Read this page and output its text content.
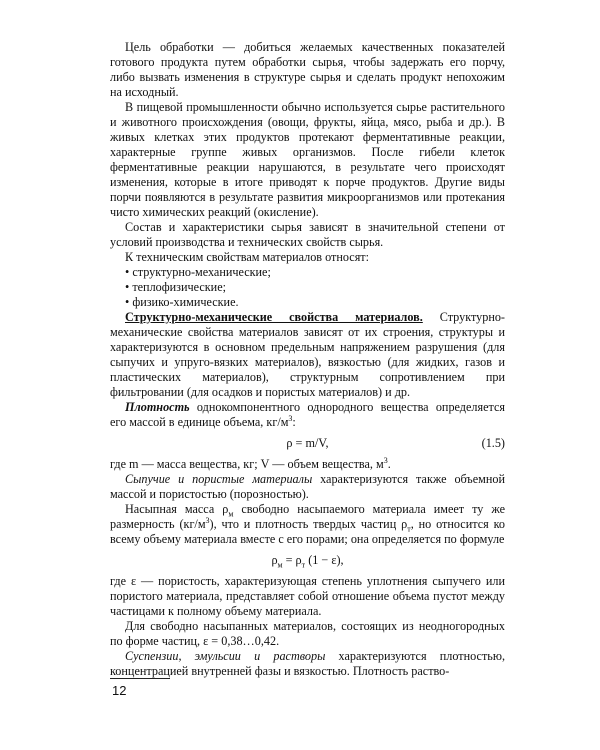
Цель обработки — добиться желаемых качественных показателей готового продукта путем обработки сырья, чтобы задержать его порчу, либо вызвать изменения в структуре сырья и сделать продукт непохожим на исходный.

В пищевой промышленности обычно используется сырье растительного и животного происхождения (овощи, фрукты, яйца, мясо, рыба и др.). В живых клетках этих продуктов протекают ферментативные реакции, характерные группе живых организмов. После гибели клеток ферментативные реакции нарушаются, в результате чего происходят изменения, которые в итоге приводят к порче продуктов. Другие виды порчи появляются в результате развития микроорганизмов или протекания чисто химических реакций (окисление).

Состав и характеристики сырья зависят в значительной степени от условий производства и технических свойств сырья.

К техническим свойствам материалов относят:

• структурно-механические;

• теплофизические;

• физико-химические.

Структурно-механические свойства материалов. Структурно-механические свойства материалов зависят от их строения, структуры и характеризуются в основном предельным напряжением разрушения (для сыпучих и упруго-вязких материалов), вязкостью (для жидких, газов и пластических материалов), структурным сопротивлением при фильтровании (для осадков и пористых материалов) и др.

Плотность однокомпонентного однородного вещества определяется его массой в единице объема, $кг/м^3$:

ρ = m/V,	(1.5)

где m — масса вещества, кг; V — объем вещества, $м^3$.

Сыпучие и пористые материалы характеризуются также объемной массой и пористостью (порозностью).

Насыпная масса $\rho_м$ свободно насыпаемого материала имеет ту же размерность $(кг/м^3)$, что и плотность твердых частиц $\rho_т$, но относится ко всему объему материала вместе с его порами; она определяется по формуле

$\rho_м = \rho_т$ (1 − ε),

где ε — пористость, характеризующая степень уплотнения сыпучего или пористого материала, представляет собой отношение объема пустот между частицами к полному объему материала.

Для свободно насыпанных материалов, состоящих из неодногородных по форме частиц, ε = 0,38…0,42.

Суспензии, эмульсии и растворы характеризуются плотностью, концентрацией внутренней фазы и вязкостью. Плотность раство-

12
